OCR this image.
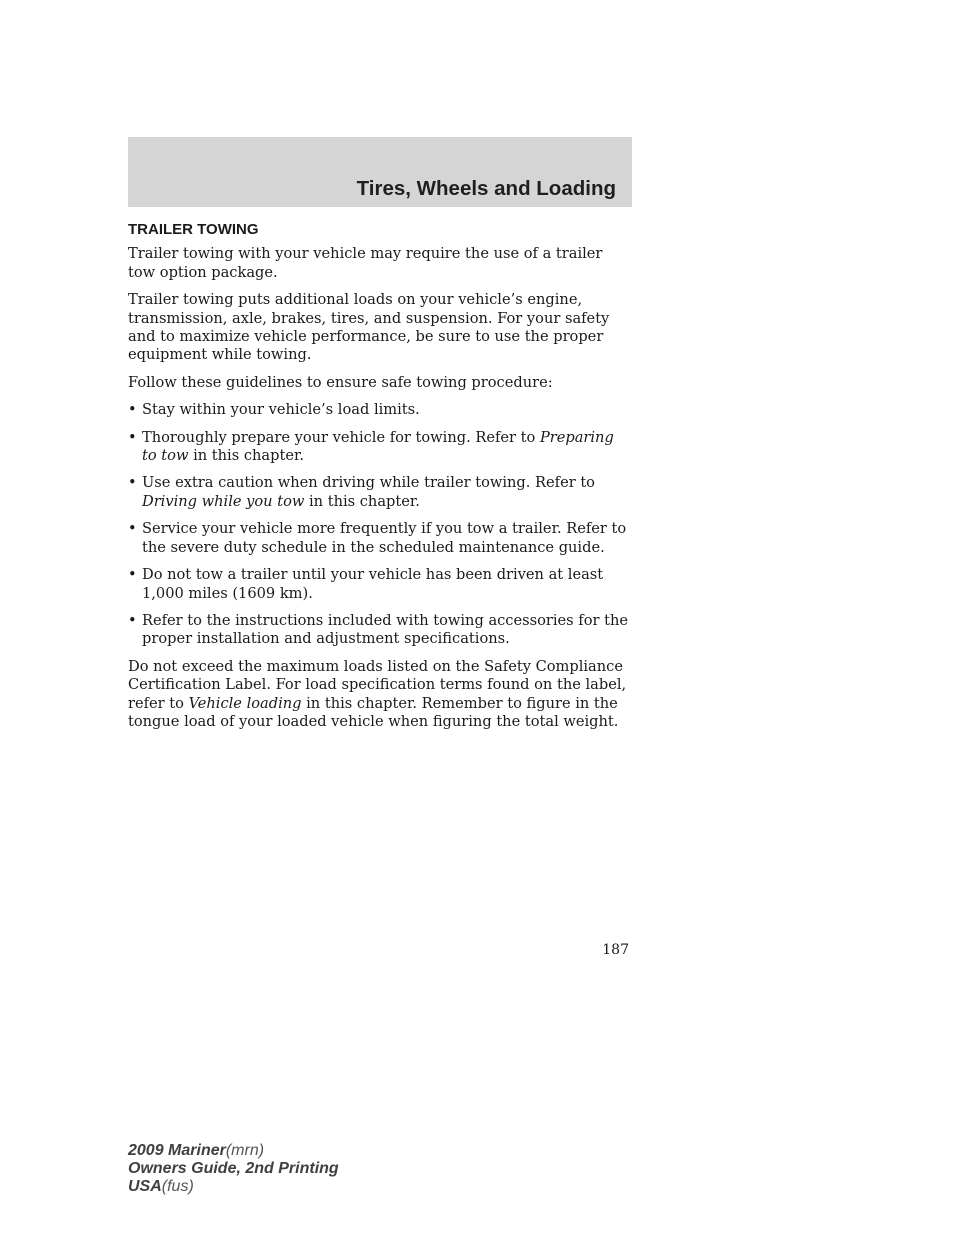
Tires, Wheels and Loading
TRAILER TOWING

Trailer towing with your vehicle may require the use of a trailer tow option package.

Trailer towing puts additional loads on your vehicle’s engine, transmission, axle, brakes, tires, and suspension. For your safety and to maximize vehicle performance, be sure to use the proper equipment while towing.

Follow these guidelines to ensure safe towing procedure:

• Stay within your vehicle’s load limits.
• Thoroughly prepare your vehicle for towing. Refer to Preparing to tow in this chapter.
• Use extra caution when driving while trailer towing. Refer to Driving while you tow in this chapter.
• Service your vehicle more frequently if you tow a trailer. Refer to the severe duty schedule in the scheduled maintenance guide.
• Do not tow a trailer until your vehicle has been driven at least 1,000 miles (1609 km).
• Refer to the instructions included with towing accessories for the proper installation and adjustment specifications.

Do not exceed the maximum loads listed on the Safety Compliance Certification Label. For load specification terms found on the label, refer to Vehicle loading in this chapter. Remember to figure in the tongue load of your loaded vehicle when figuring the total weight.

187
2009 Mariner(mrn)
Owners Guide, 2nd Printing
USA(fus)
